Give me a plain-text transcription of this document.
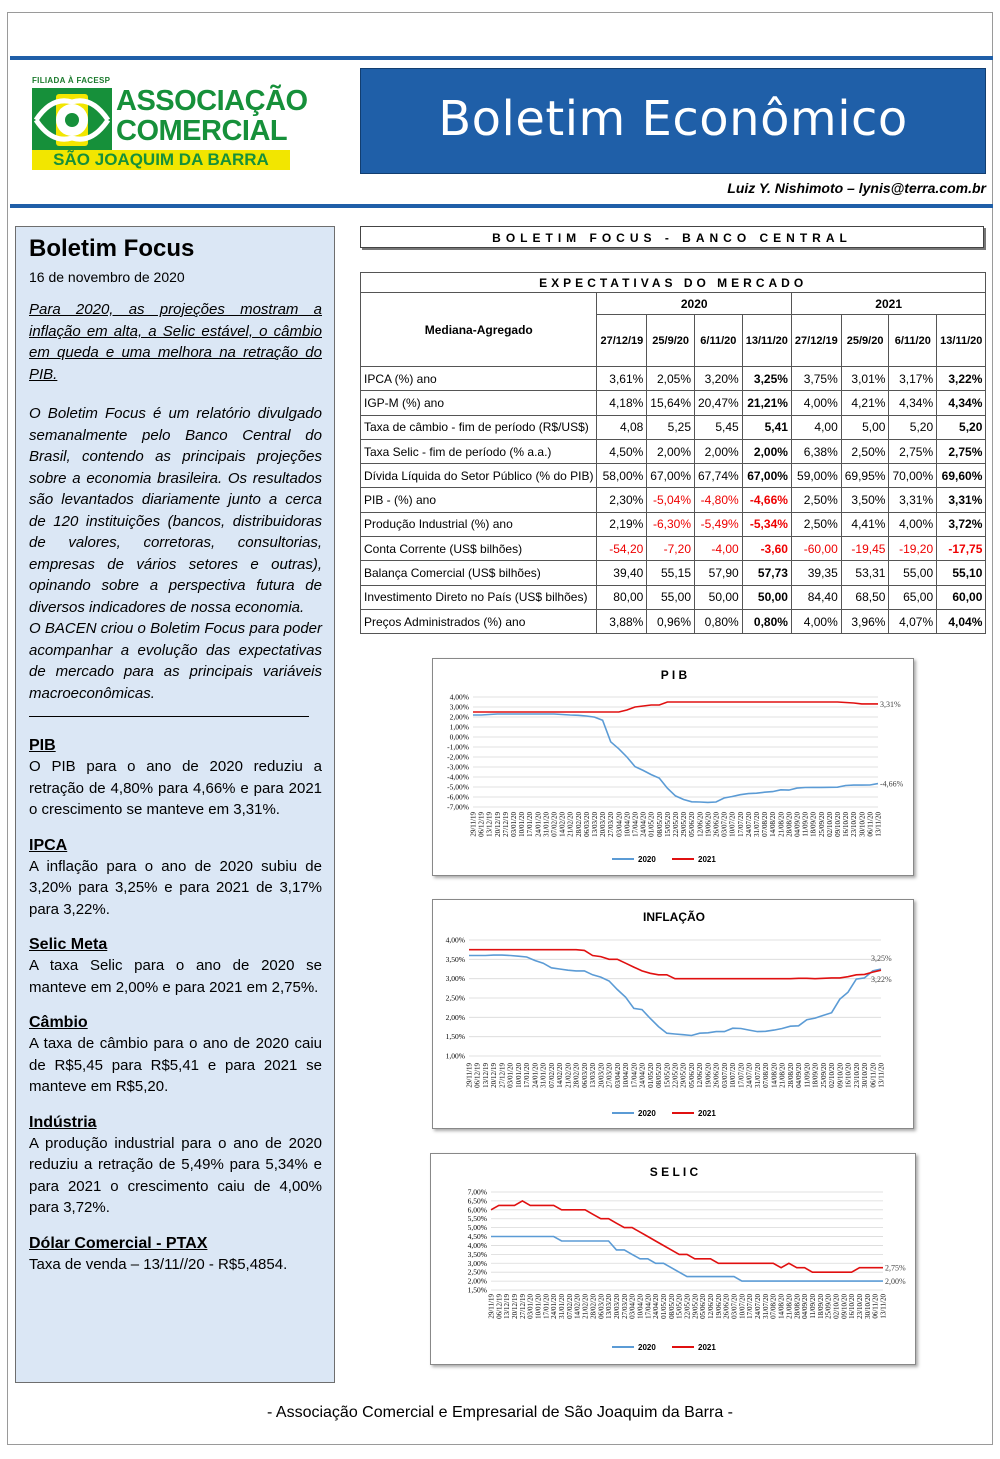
FILIADA À FACESP
ASSOCIAÇÃO
COMERCIAL
SÃO JOAQUIM DA BARRA
Boletim Econômico
Luiz Y. Nishimoto – lynis@terra.com.br
Boletim Focus
16 de novembro de 2020

Para 2020, as projeções mostram a inflação em alta, a Selic estável, o câmbio em queda e uma melhora na retração do PIB.

O Boletim Focus é um relatório divulgado semanalmente pelo Banco Central do Brasil, contendo as principais projeções sobre a economia brasileira. Os resultados são levantados diariamente junto a cerca de 120 instituições (bancos, distribuidoras de valores, corretoras, consultorias, empresas de vários setores e outras), opinando sobre a perspectiva futura de diversos indicadores de nossa economia.

O BACEN criou o Boletim Focus para poder acompanhar a evolução das expectativas de mercado para as principais variáveis macroeconômicas.

PIB

O PIB para o ano de 2020 reduziu a retração de 4,80% para 4,66% e para 2021 o crescimento se manteve em 3,31%.

IPCA

A inflação para o ano de 2020 subiu de 3,20% para 3,25% e para 2021 de 3,17% para 3,22%.

Selic Meta

A taxa Selic para o ano de 2020 se manteve em 2,00% e para 2021 em 2,75%.

Câmbio

A taxa de câmbio para o ano de 2020 caiu de R$5,45 para R$5,41 e para 2021 se manteve em R$5,20.

Indústria

A produção industrial para o ano de 2020 reduziu a retração de 5,49% para 5,34% e para 2021 o crescimento caiu de 4,00% para 3,72%.

Dólar Comercial - PTAX

Taxa de venda – 13/11//20 - R$5,4854.

BOLETIM FOCUS - BANCO CENTRAL
EXPECTATIVAS DO MERCADO								
Mediana-Agregado	2020				2021			
	27/12/19	25/9/20	6/11/20	13/11/20	27/12/19	25/9/20	6/11/20	13/11/20
IPCA (%) ano	3,61%	2,05%	3,20%	3,25%	3,75%	3,01%	3,17%	3,22%
IGP-M (%) ano	4,18%	15,64%	20,47%	21,21%	4,00%	4,21%	4,34%	4,34%
Taxa de câmbio - fim de período (R$/US$)	4,08	5,25	5,45	5,41	4,00	5,00	5,20	5,20
Taxa Selic - fim de período (% a.a.)	4,50%	2,00%	2,00%	2,00%	6,38%	2,50%	2,75%	2,75%
Dívida Líquida do Setor Público (% do PIB)	58,00%	67,00%	67,74%	67,00%	59,00%	69,95%	70,00%	69,60%
PIB - (%) ano	2,30%	-5,04%	-4,80%	-4,66%	2,50%	3,50%	3,31%	3,31%
Produção Industrial (%) ano	2,19%	-6,30%	-5,49%	-5,34%	2,50%	4,41%	4,00%	3,72%
Conta Corrente (US$ bilhões)	-54,20	-7,20	-4,00	-3,60	-60,00	-19,45	-19,20	-17,75
Balança Comercial (US$ bilhões)	39,40	55,15	57,90	57,73	39,35	53,31	55,00	55,10
Investimento Direto no País (US$ bilhões)	80,00	55,00	50,00	50,00	84,40	68,50	65,00	60,00
Preços Administrados (%) ano	3,88%	0,96%	0,80%	0,80%	4,00%	3,96%	4,07%	4,04%
P I B
4,00%
3,00%
2,00%
1,00%
0,00%
-1,00%
-2,00%
-3,00%
-4,00%
-5,00%
-6,00%
-7,00%
29/11/19 06/12/19 13/12/19 20/12/19 27/12/19 03/01/20 10/01/20 17/01/20 24/01/20 31/01/20 07/02/20 14/02/20 21/02/20 28/02/20 06/03/20 13/03/20 20/03/20 27/03/20 03/04/20 10/04/20 17/04/20 24/04/20 01/05/20 08/05/20 15/05/20 22/05/20 29/05/20 05/06/20 12/06/20 19/06/20 26/06/20 03/07/20 10/07/20 17/07/20 24/07/20 31/07/20 07/08/20 14/08/20 21/08/20 28/08/20 04/09/20 11/09/20 18/09/20 25/09/20 02/10/20 09/10/20 16/10/20 23/10/20 30/10/20 06/11/20 13/11/20
3,31%
-4,66%
2020	2021
INFLAÇÃO
4,00%
3,50%
3,00%
2,50%
2,00%
1,50%
1,00%
29/11/19 06/12/19 13/12/19 20/12/19 27/12/19 03/01/20 10/01/20 17/01/20 24/01/20 31/01/20 07/02/20 14/02/20 21/02/20 28/02/20 06/03/20 13/03/20 20/03/20 27/03/20 03/04/20 10/04/20 17/04/20 24/04/20 01/05/20 08/05/20 15/05/20 22/05/20 29/05/20 05/06/20 12/06/20 19/06/20 26/06/20 03/07/20 10/07/20 17/07/20 24/07/20 31/07/20 07/08/20 14/08/20 21/08/20 28/08/20 04/09/20 11/09/20 18/09/20 25/09/20 02/10/20 09/10/20 16/10/20 23/10/20 30/10/20 06/11/20 13/11/20
3,25%
3,22%
2020	2021
S E L I C
7,00%
6,50%
6,00%
5,50%
5,00%
4,50%
4,00%
3,50%
3,00%
2,50%
2,00%
1,50%
29/11/19 06/12/19 13/12/19 20/12/19 27/12/19 03/01/20 10/01/20 17/01/20 24/01/20 31/01/20 07/02/20 14/02/20 21/02/20 28/02/20 06/03/20 13/03/20 20/03/20 27/03/20 03/04/20 10/04/20 17/04/20 24/04/20 01/05/20 08/05/20 15/05/20 22/05/20 29/05/20 05/06/20 12/06/20 19/06/20 26/06/20 03/07/20 10/07/20 17/07/20 24/07/20 31/07/20 07/08/20 14/08/20 21/08/20 28/08/20 04/09/20 11/09/20 18/09/20 25/09/20 02/10/20 09/10/20 16/10/20 23/10/20 30/10/20 06/11/20 13/11/20
2,75%
2,00%
2020	2021
- Associação Comercial e Empresarial de São Joaquim da Barra -
